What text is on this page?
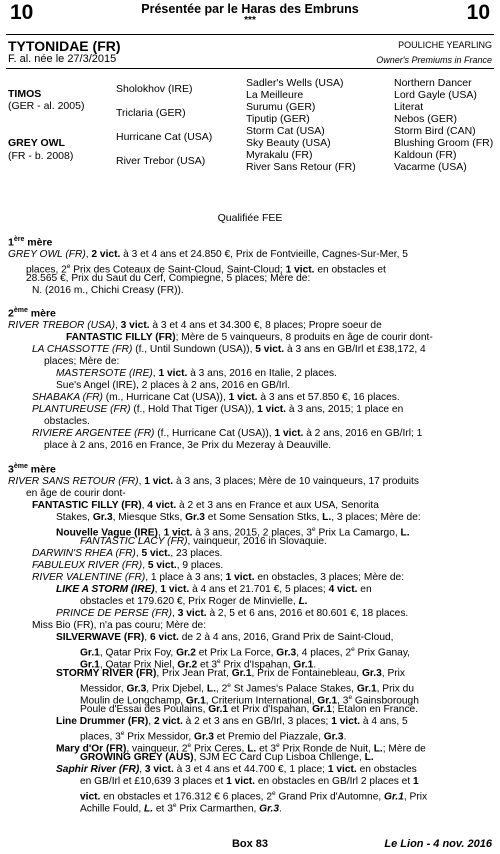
10	10
Présentée par le Haras des Embruns
***
TYTONIDAE (FR)
F. al. née le 27/3/2015
POULICHE YEARLING
Owner's Premiums in France
TIMOS
(GER - al. 2005)
GREY OWL
(FR - b. 2008)
Sholokhov (IRE)
Triclaria (GER)
Hurricane Cat (USA)
River Trebor (USA)
Sadler's Wells (USA)
La Meilleure
Surumu (GER)
Tiputip (GER)
Storm Cat (USA)
Sky Beauty (USA)
Myrakalu (FR)
River Sans Retour (FR)
Northern Dancer
Lord Gayle (USA)
Literat
Nebos (GER)
Storm Bird (CAN)
Blushing Groom (FR)
Kaldoun (FR)
Vacarme (USA)
Qualifiée FEE
1ère mère
GREY OWL (FR), 2 vict. à 3 et 4 ans et 24.850 €, Prix de Fontvieille, Cagnes-Sur-Mer, 5
places, 2e Prix des Coteaux de Saint-Cloud, Saint-Cloud; 1 vict. en obstacles et
28.565 €, Prix du Saut du Cerf, Compiegne, 5 places; Mère de:
N. (2016 m., Chichi Creasy (FR)).
2ème mère
RIVER TREBOR (USA), 3 vict. à 3 et 4 ans et 34.300 €, 8 places; Propre soeur de
FANTASTIC FILLY (FR); Mère de 5 vainqueurs, 8 produits en âge de courir dont-
LA CHASSOTTE (FR) (f., Until Sundown (USA)), 5 vict. à 3 ans en GB/Irl et £38,172, 4
places; Mère de:
MASTERSOTE (IRE), 1 vict. à 3 ans, 2016 en Italie, 2 places.
Sue's Angel (IRE), 2 places à 2 ans, 2016 en GB/Irl.
SHABAKA (FR) (m., Hurricane Cat (USA)), 1 vict. à 3 ans et 57.850 €, 16 places.
PLANTUREUSE (FR) (f., Hold That Tiger (USA)), 1 vict. à 3 ans, 2015; 1 place en
obstacles.
RIVIERE ARGENTEE (FR) (f., Hurricane Cat (USA)), 1 vict. à 2 ans, 2016 en GB/Irl; 1
place à 2 ans, 2016 en France, 3e Prix du Mezeray à Deauville.
3ème mère
RIVER SANS RETOUR (FR), 1 vict. à 3 ans, 3 places; Mère de 10 vainqueurs, 17 produits
en âge de courir dont-
FANTASTIC FILLY (FR), 4 vict. à 2 et 3 ans en France et aux USA, Senorita
Stakes, Gr.3, Miesque Stks, Gr.3 et Some Sensation Stks, L., 3 places; Mère de:
Nouvelle Vague (IRE), 1 vict. à 3 ans, 2015, 2 places, 3e Prix La Camargo, L.
FANTASTIC LACY (FR), vainqueur, 2016 in Slovaquie.
DARWIN'S RHEA (FR), 5 vict., 23 places.
FABULEUX RIVER (FR), 5 vict., 9 places.
RIVER VALENTINE (FR), 1 place à 3 ans; 1 vict. en obstacles, 3 places; Mère de:
LIKE A STORM (IRE), 1 vict. à 4 ans et 21.701 €, 5 places; 4 vict. en
obstacles et 179.620 €, Prix Roger de Minvielle, L.
PRINCE DE PERSE (FR), 3 vict. à 2, 5 et 6 ans, 2016 et 80.601 €, 18 places.
Miss Bio (FR), n'a pas couru; Mère de:
SILVERWAVE (FR), 6 vict. de 2 à 4 ans, 2016, Grand Prix de Saint-Cloud,
Gr.1, Qatar Prix Foy, Gr.2 et Prix La Force, Gr.3, 4 places, 2e Prix Ganay,
Gr.1, Qatar Prix Niel, Gr.2 et 3e Prix d'Ispahan, Gr.1.
STORMY RIVER (FR), Prix Jean Prat, Gr.1, Prix de Fontainebleau, Gr.3, Prix
Messidor, Gr.3, Prix Djebel, L., 2e St James's Palace Stakes, Gr.1, Prix du
Moulin de Longchamp, Gr.1, Criterium International, Gr.1, 3e Gainsborough
Poule d'Essai des Poulains, Gr.1 et Prix d'Ispahan, Gr.1; Etalon en France.
Line Drummer (FR), 2 vict. à 2 et 3 ans en GB/Irl, 3 places; 1 vict. à 4 ans, 5
places, 3e Prix Messidor, Gr.3 et Premio del Piazzale, Gr.3.
Mary d'Or (FR), vainqueur, 2e Prix Ceres, L. et 3e Prix Ronde de Nuit, L.; Mère de
GROWING GREY (AUS), SJM EC Card Cup Lisboa Chllenge, L.
Saphir River (FR), 3 vict. à 3 et 4 ans et 44.700 €, 1 place; 1 vict. en obstacles
en GB/Irl et £10,639 3 places et 1 vict. en obstacles en GB/Irl 2 places et 1
vict. en obstacles et 176.312 € 6 places, 2e Grand Prix d'Automne, Gr.1, Prix
Achille Fould, L. et 3e Prix Carmarthen, Gr.3.
Box 83	Le Lion - 4 nov. 2016
